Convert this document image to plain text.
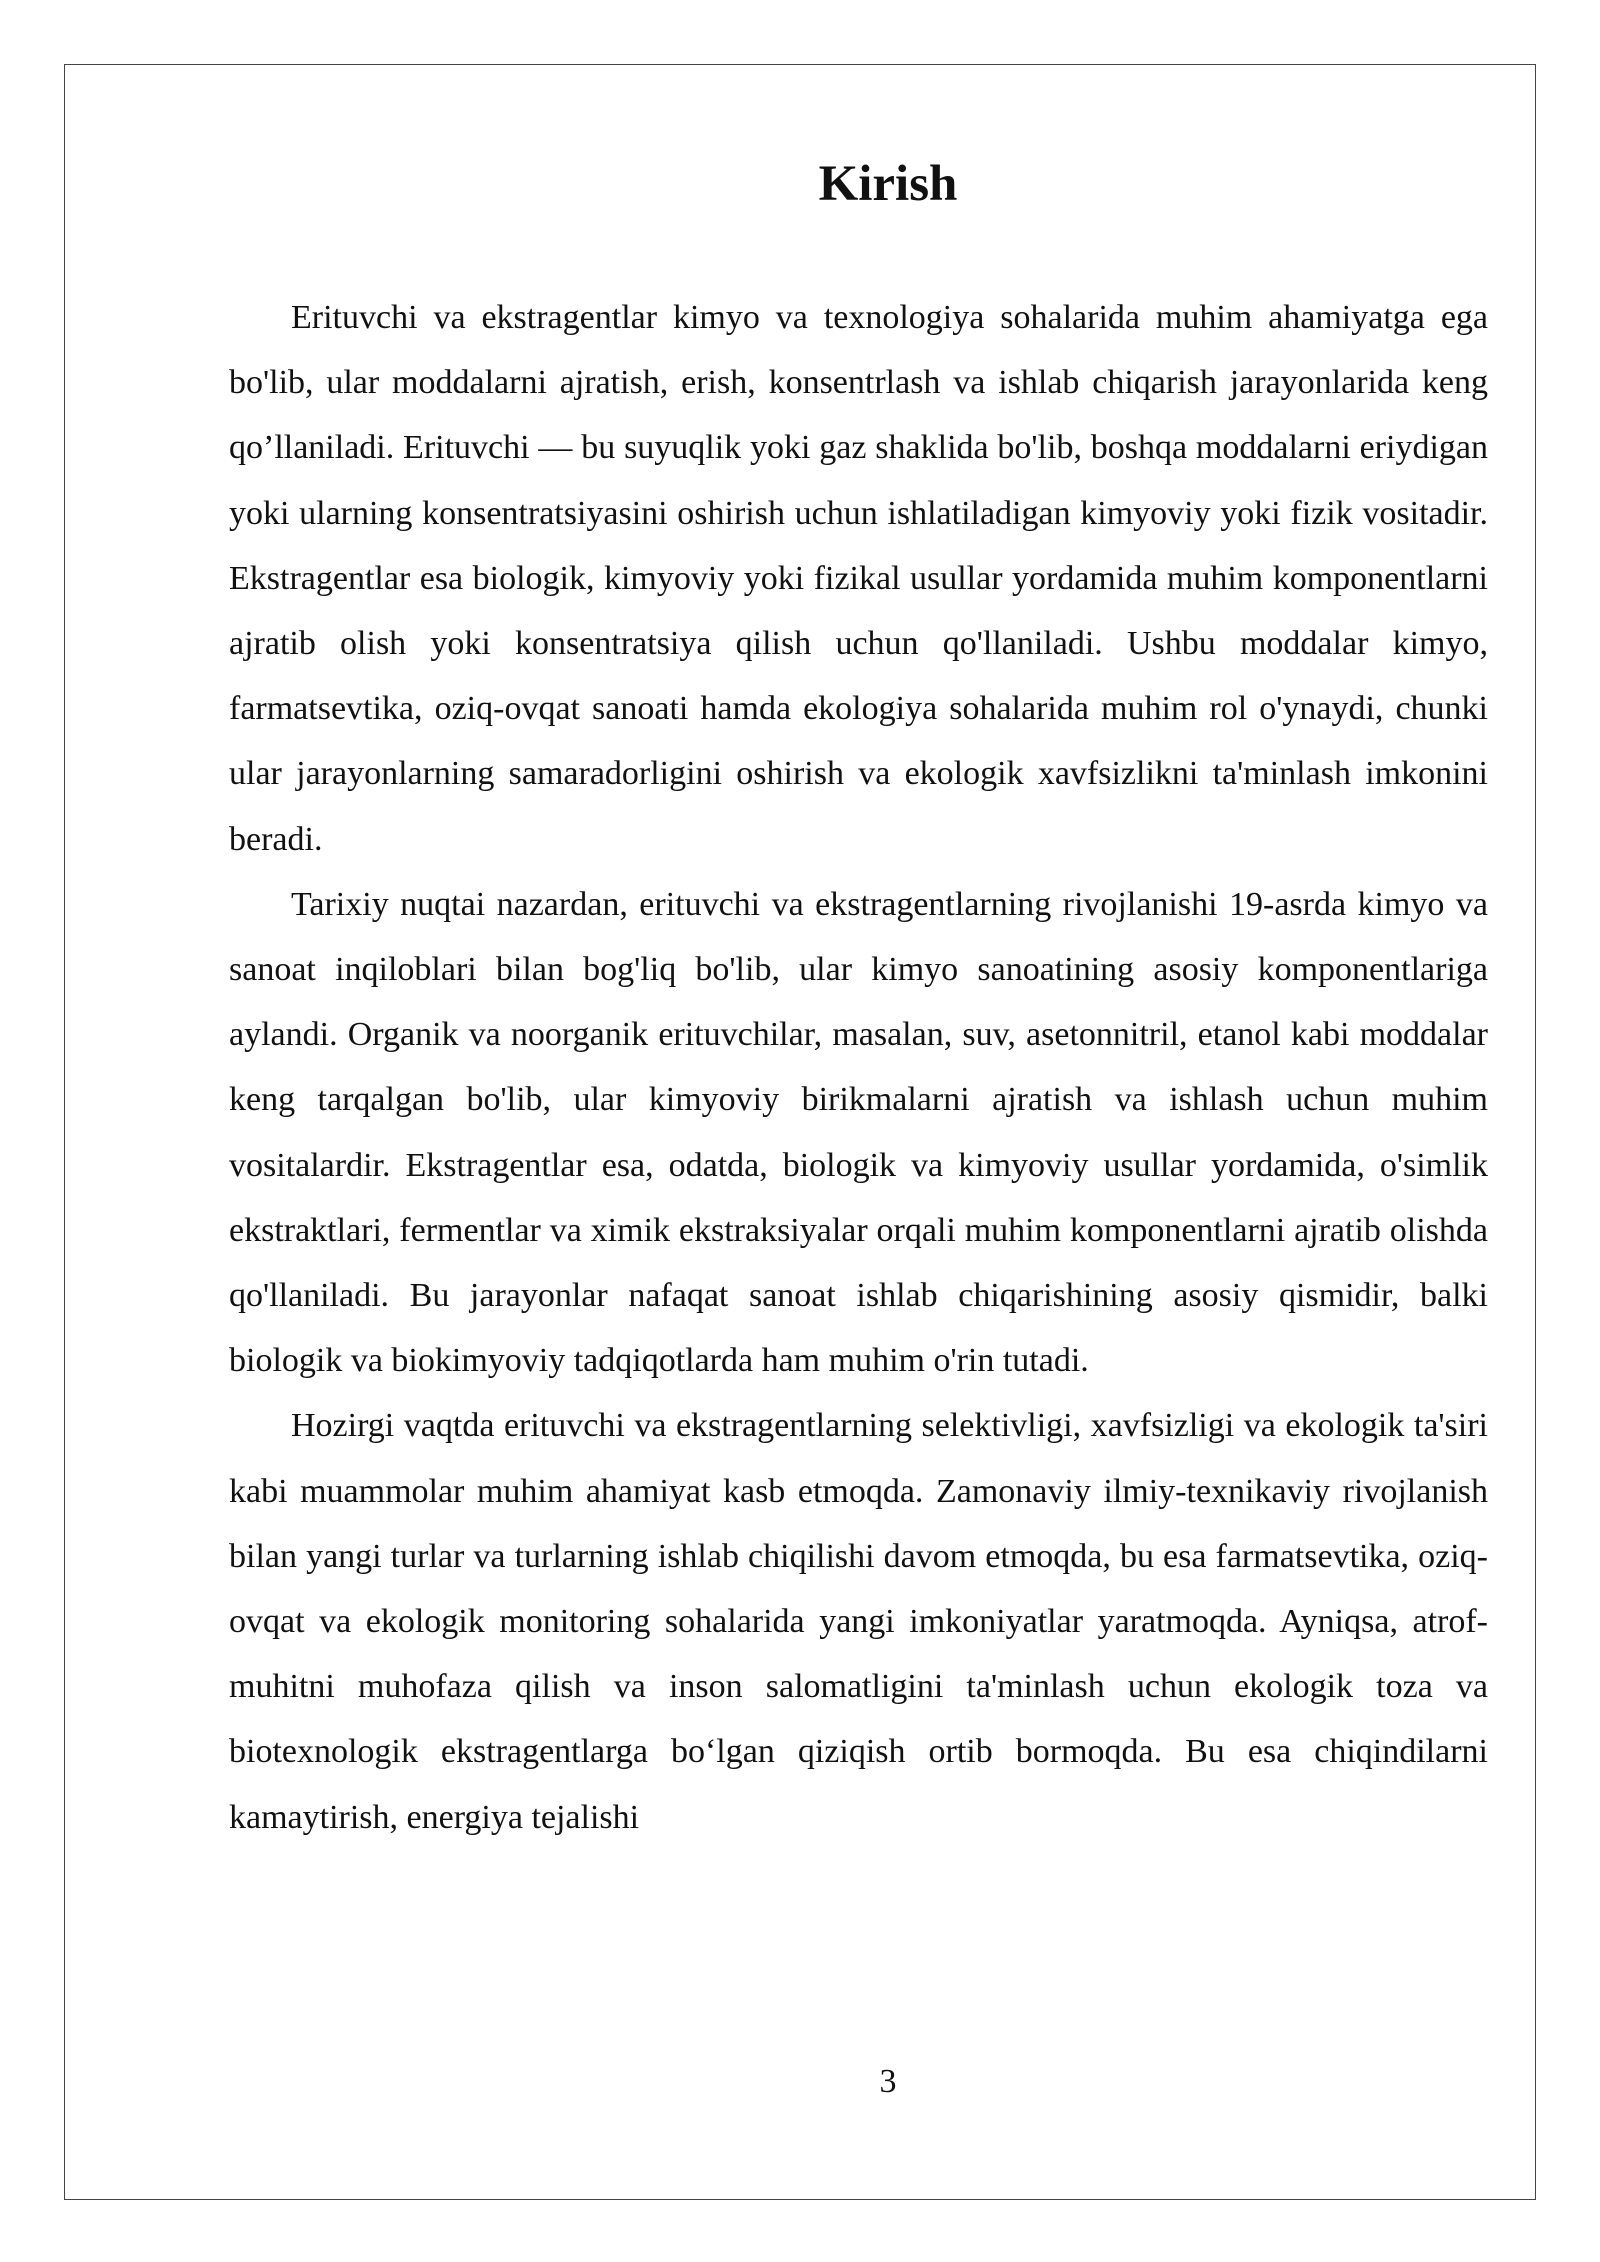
Kirish

Erituvchi va ekstragentlar kimyo va texnologiya sohalarida muhim ahamiyatga ega bo'lib, ular moddalarni ajratish, erish, konsentrlash va ishlab chiqarish jarayonlarida keng qo’llaniladi. Erituvchi — bu suyuqlik yoki gaz shaklida bo'lib, boshqa moddalarni eriydigan yoki ularning konsentratsiyasini oshirish uchun ishlatiladigan kimyoviy yoki fizik vositadir. Ekstragentlar esa biologik, kimyoviy yoki fizikal usullar yordamida muhim komponentlarni ajratib olish yoki konsentratsiya qilish uchun qo'llaniladi. Ushbu moddalar kimyo, farmatsevtika, oziq-ovqat sanoati hamda ekologiya sohalarida muhim rol o'ynaydi, chunki ular jarayonlarning samaradorligini oshirish va ekologik xavfsizlikni ta'minlash imkonini beradi.

Tarixiy nuqtai nazardan, erituvchi va ekstragentlarning rivojlanishi 19-asrda kimyo va sanoat inqiloblari bilan bog'liq bo'lib, ular kimyo sanoatining asosiy komponentlariga aylandi. Organik va noorganik erituvchilar, masalan, suv, asetonnitril, etanol kabi moddalar keng tarqalgan bo'lib, ular kimyoviy birikmalarni ajratish va ishlash uchun muhim vositalardir. Ekstragentlar esa, odatda, biologik va kimyoviy usullar yordamida, o'simlik ekstraktlari, fermentlar va ximik ekstraksiyalar orqali muhim komponentlarni ajratib olishda qo'llaniladi. Bu jarayonlar nafaqat sanoat ishlab chiqarishining asosiy qismidir, balki biologik va biokimyoviy tadqiqotlarda ham muhim o'rin tutadi.

Hozirgi vaqtda erituvchi va ekstragentlarning selektivligi, xavfsizligi va ekologik ta'siri kabi muammolar muhim ahamiyat kasb etmoqda. Zamonaviy ilmiy-texnikaviy rivojlanish bilan yangi turlar va turlarning ishlab chiqilishi davom etmoqda, bu esa farmatsevtika, oziq-ovqat va ekologik monitoring sohalarida yangi imkoniyatlar yaratmoqda. Ayniqsa, atrof-muhitni muhofaza qilish va inson salomatligini ta'minlash uchun ekologik toza va biotexnologik ekstragentlarga bo‘lgan qiziqish ortib bormoqda. Bu esa chiqindilarni kamaytirish, energiya tejalishi

3
